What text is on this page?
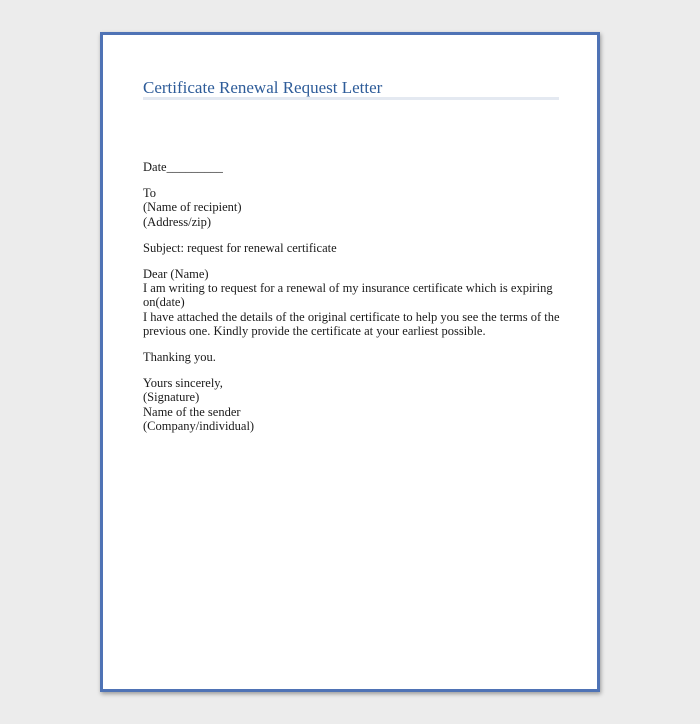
Certificate Renewal Request Letter
Date_________
To
(Name of recipient)
(Address/zip)
Subject: request for renewal certificate
Dear (Name)
I am writing to request for a renewal of my insurance certificate which is expiring
on(date)
I have attached the details of the original certificate to help you see the terms of the
previous one. Kindly provide the certificate at your earliest possible.
Thanking you.
Yours sincerely,
(Signature)
Name of the sender
(Company/individual)
